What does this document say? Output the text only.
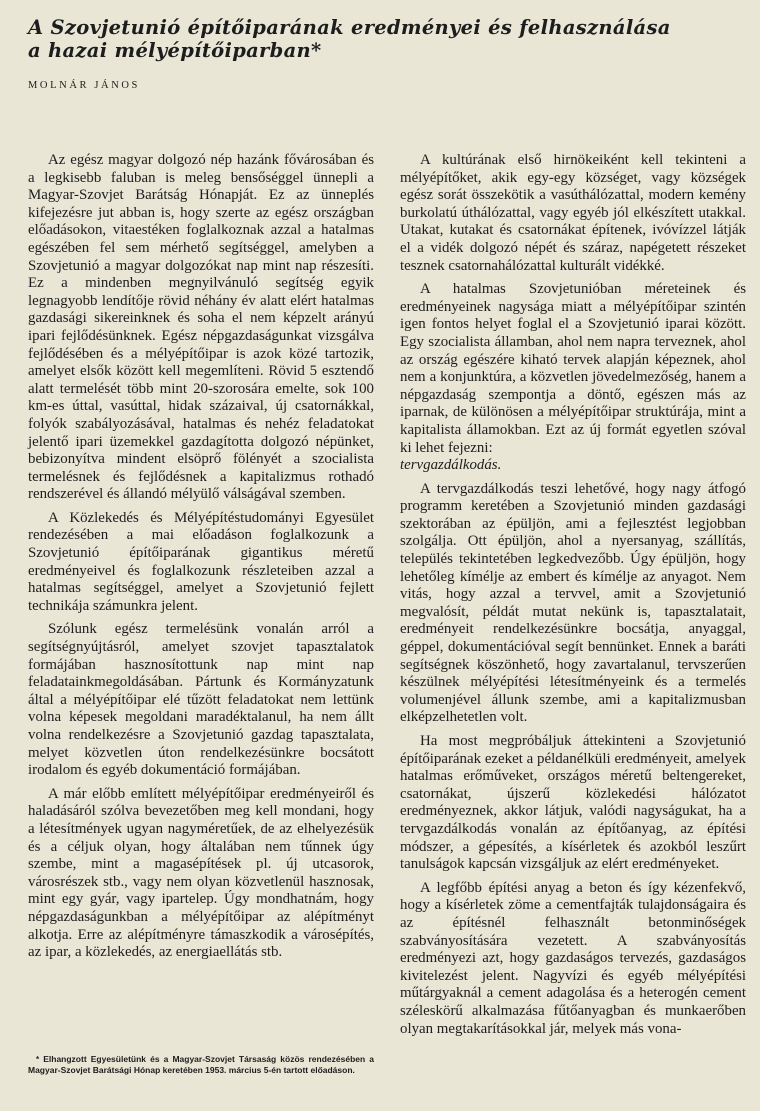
A Szovjetunió építőiparának eredményei és felhasználása
a hazai mélyépítőiparban*
MOLNÁR JÁNOS

Az egész magyar dolgozó nép hazánk fővárosában és a legkisebb faluban is meleg bensőséggel ünnepli a Magyar-Szovjet Barátság Hónapját. Ez az ünneplés kifejezésre jut abban is, hogy szerte az egész országban előadásokon, vitaestéken foglalkoznak azzal a hatalmas egészében fel sem mérhető segítséggel, amelyben a Szovjetunió a magyar dolgozókat nap mint nap részesíti. Ez a mindenben megnyilvánuló segítség egyik legnagyobb lendítője rövid néhány év alatt elért hatalmas gazdasági sikereinknek és soha el nem képzelt arányú ipari fejlődésünknek. Egész népgazdaságunkat vizsgálva fejlődésében és a mélyépítőipar is azok közé tartozik, amelyet elsők között kell megemlíteni. Rövid 5 esztendő alatt termelését több mint 20-szorosára emelte, sok 100 km-es úttal, vasúttal, hidak százaival, új csatornákkal, folyók szabályozásával, hatalmas és nehéz feladatokat jelentő ipari üzemekkel gazdagította dolgozó népünket, bebizonyítva mindent elsöprő fölényét a szocialista termelésnek és fejlődésnek a kapitalizmus rothadó rendszerével és állandó mélyülő válságával szemben.

A Közlekedés és Mélyépítéstudományi Egyesület rendezésében a mai előadáson foglalkozunk a Szovjetunió építőiparának gigantikus méretű eredményeivel és foglalkozunk részleteiben azzal a hatalmas segítséggel, amelyet a Szovjetunió fejlett technikája számunkra jelent.

Szólunk egész termelésünk vonalán arról a segítségnyújtásról, amelyet szovjet tapasztalatok formájában hasznosítottunk nap mint nap feladatainkmegoldásában. Pártunk és Kormányzatunk által a mélyépítőipar elé tűzött feladatokat nem lettünk volna képesek megoldani maradéktalanul, ha nem állt volna rendelkezésre a Szovjetunió gazdag tapasztalata, melyet közvetlen úton rendelkezésünkre bocsátott irodalom és egyéb dokumentáció formájában.

A már előbb említett mélyépítőipar eredményeiről és haladásáról szólva bevezetőben meg kell mondani, hogy a létesítmények ugyan nagyméretűek, de az elhelyezésük és a céljuk olyan, hogy általában nem tűnnek úgy szembe, mint a magasépítések pl. új utcasorok, városrészek stb., vagy nem olyan közvetlenül hasznosak, mint egy gyár, vagy ipartelep. Úgy mondhatnám, hogy népgazdaságunkban a mélyépítőipar az alépítményt alkotja. Erre az alépítményre támaszkodik a városépítés, az ipar, a közlekedés, az energiaellátás stb.

* Elhangzott Egyesületünk és a Magyar-Szovjet Társaság közös rendezésében a Magyar-Szovjet Barátsági Hónap keretében 1953. március 5-én tartott előadáson.

A kultúrának első hirnökeiként kell tekinteni a mélyépítőket, akik egy-egy községet, vagy községek egész sorát összekötik a vasúthálózattal, modern kemény burkolatú úthálózattal, vagy egyéb jól elkészített utakkal. Utakat, kutakat és csatornákat építenek, ivóvízzel látják el a vidék dolgozó népét és száraz, napégetett részeket tesznek csatornahálózattal kulturált vidékké.

A hatalmas Szovjetunióban méreteinek és eredményeinek nagysága miatt a mélyépítőipar szintén igen fontos helyet foglal el a Szovjetunió iparai között. Egy szocialista államban, ahol nem napra terveznek, ahol az ország egészére kiható tervek alapján képeznek, ahol nem a konjunktúra, a közvetlen jövedelmezőség, hanem a népgazdaság szempontja a döntő, egészen más az iparnak, de különösen a mélyépítőipar struktúrája, mint a kapitalista államokban. Ezt az új formát egyetlen szóval ki lehet fejezni:
tervgazdálkodás.

A tervgazdálkodás teszi lehetővé, hogy nagy átfogó programm keretében a Szovjetunió minden gazdasági szektorában az épüljön, ami a fejlesztést legjobban szolgálja. Ott épüljön, ahol a nyersanyag, szállítás, település tekintetében legkedvezőbb. Úgy épüljön, hogy lehetőleg kímélje az embert és kímélje az anyagot. Nem vitás, hogy azzal a tervvel, amit a Szovjetunió megvalósít, példát mutat nekünk is, tapasztalatait, eredményeit rendelkezésünkre bocsátja, anyaggal, géppel, dokumentációval segít bennünket. Ennek a baráti segítségnek köszönhető, hogy zavartalanul, tervszerűen készülnek mélyépítési létesítményeink és a termelés volumenjével állunk szembe, ami a kapitalizmusban elképzelhetetlen volt.

Ha most megpróbáljuk áttekinteni a Szovjetunió építőiparának ezeket a példanélküli eredményeit, amelyek hatalmas erőműveket, országos méretű beltengereket, csatornákat, újszerű közlekedési hálózatot eredményeznek, akkor látjuk, valódi nagyságukat, ha a tervgazdálkodás vonalán az építőanyag, az építési módszer, a gépesítés, a kísérletek és azokból leszűrt tanulságok kapcsán vizsgáljuk az elért eredményeket.

A legfőbb építési anyag a beton és így kézenfekvő, hogy a kísérletek zöme a cementfajták tulajdonságaira és az építésnél felhasznált betonminőségek szabványosítására vezetett. A szabványosítás eredményezi azt, hogy gazdaságos tervezés, gazdaságos kivitelezést jelent. Nagyvízi és egyéb mélyépítési műtárgyaknál a cement adagolása és a heterogén cement széleskörű alkalmazása fűtőanyagban és munkaerőben olyan megtakarításokkal jár, melyek más vona-
